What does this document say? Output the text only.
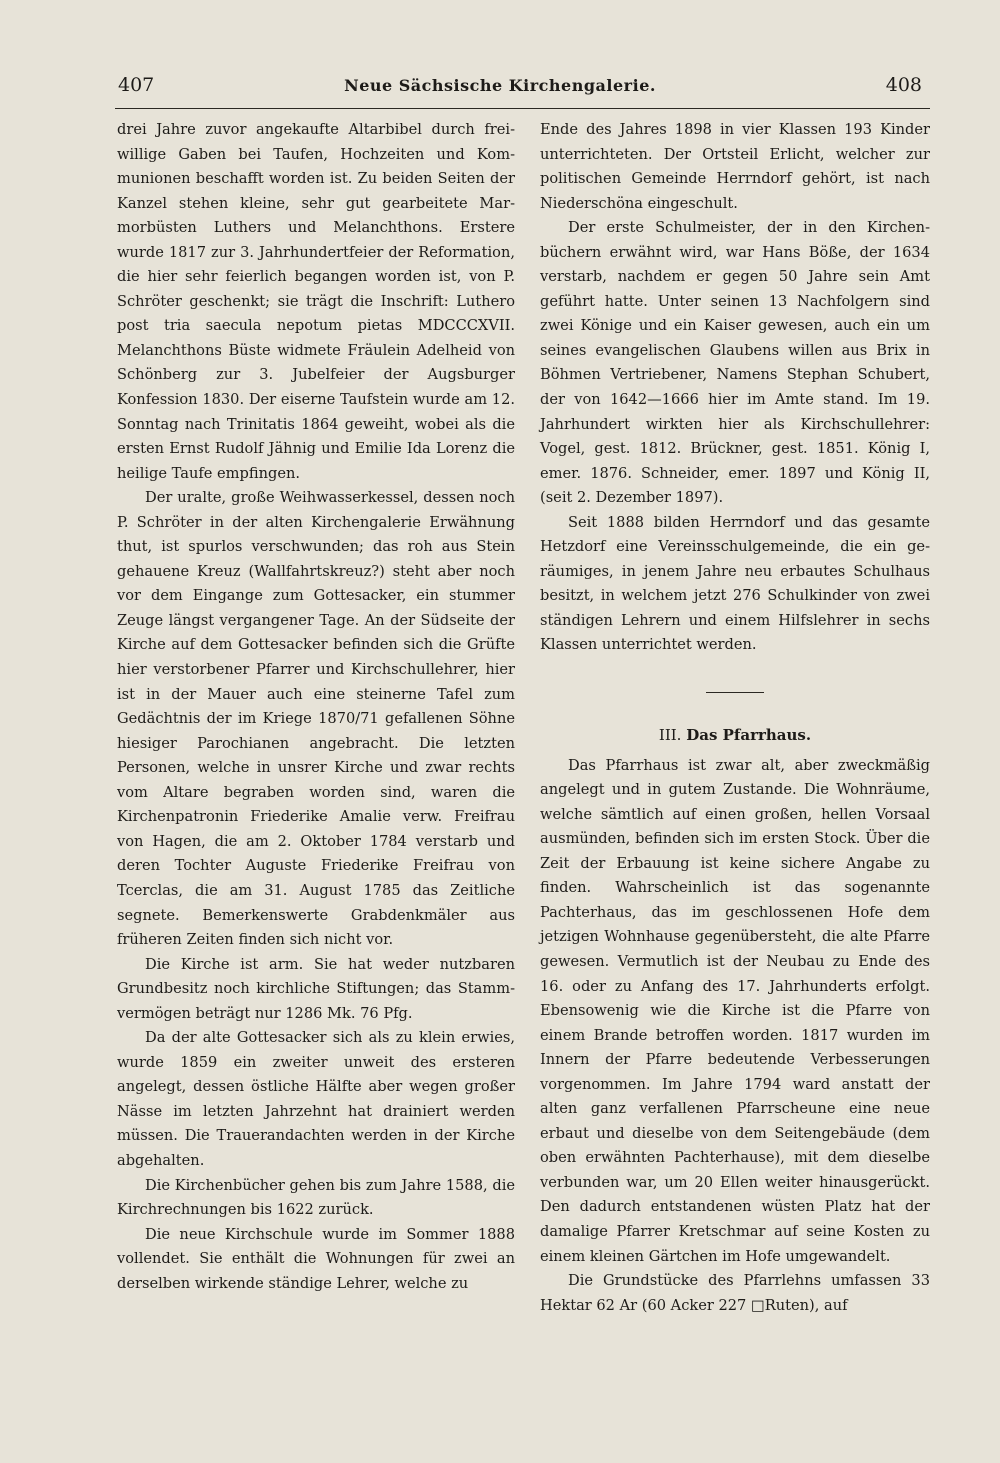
407	Neue Sächsische Kirchengalerie.	408

drei Jahre zuvor angekaufte Altarbibel durch freiwillige Gaben bei Taufen, Hochzeiten und Kommunionen beschafft worden ist. Zu beiden Seiten der Kanzel stehen kleine, sehr gut gearbeitete Marmorbüsten Luthers und Melanchthons. Erstere wurde 1817 zur 3. Jahrhundertfeier der Reformation, die hier sehr feierlich begangen worden ist, von P. Schröter geschenkt; sie trägt die Inschrift: Luthero post tria saecula nepotum pietas MDCCCXVII. Melanchthons Büste widmete Fräulein Adelheid von Schönberg zur 3. Jubelfeier der Augsburger Konfession 1830. Der eiserne Taufstein wurde am 12. Sonntag nach Trinitatis 1864 geweiht, wobei als die ersten Ernst Rudolf Jähnig und Emilie Ida Lorenz die heilige Taufe empfingen.

Der uralte, große Weihwasserkessel, dessen noch P. Schröter in der alten Kirchengalerie Erwähnung thut, ist spurlos verschwunden; das roh aus Stein gehauene Kreuz (Wallfahrtskreuz?) steht aber noch vor dem Eingange zum Gottesacker, ein stummer Zeuge längst vergangener Tage. An der Südseite der Kirche auf dem Gottesacker befinden sich die Grüfte hier verstorbener Pfarrer und Kirchschullehrer, hier ist in der Mauer auch eine steinerne Tafel zum Gedächtnis der im Kriege 1870/71 gefallenen Söhne hiesiger Parochianen angebracht. Die letzten Personen, welche in unsrer Kirche und zwar rechts vom Altare begraben worden sind, waren die Kirchenpatronin Friederike Amalie verw. Freifrau von Hagen, die am 2. Oktober 1784 verstarb und deren Tochter Auguste Friederike Freifrau von Tcerclas, die am 31. August 1785 das Zeitliche segnete. Bemerkenswerte Grabdenkmäler aus früheren Zeiten finden sich nicht vor.

Die Kirche ist arm. Sie hat weder nutzbaren Grundbesitz noch kirchliche Stiftungen; das Stammvermögen beträgt nur 1286 Mk. 76 Pfg.

Da der alte Gottesacker sich als zu klein erwies, wurde 1859 ein zweiter unweit des ersteren angelegt, dessen östliche Hälfte aber wegen großer Nässe im letzten Jahrzehnt hat drainiert werden müssen. Die Trauerandachten werden in der Kirche abgehalten.

Die Kirchenbücher gehen bis zum Jahre 1588, die Kirchrechnungen bis 1622 zurück.

Die neue Kirchschule wurde im Sommer 1888 vollendet. Sie enthält die Wohnungen für zwei an derselben wirkende ständige Lehrer, welche zu

Ende des Jahres 1898 in vier Klassen 193 Kinder unterrichteten. Der Ortsteil Erlicht, welcher zur politischen Gemeinde Herrndorf gehört, ist nach Niederschöna eingeschult.

Der erste Schulmeister, der in den Kirchenbüchern erwähnt wird, war Hans Böße, der 1634 verstarb, nachdem er gegen 50 Jahre sein Amt geführt hatte. Unter seinen 13 Nachfolgern sind zwei Könige und ein Kaiser gewesen, auch ein um seines evangelischen Glaubens willen aus Brix in Böhmen Vertriebener, Namens Stephan Schubert, der von 1642—1666 hier im Amte stand. Im 19. Jahrhundert wirkten hier als Kirchschullehrer: Vogel, gest. 1812. Brückner, gest. 1851. König I, emer. 1876. Schneider, emer. 1897 und König II, (seit 2. Dezember 1897).

Seit 1888 bilden Herrndorf und das gesamte Hetzdorf eine Vereinsschulgemeinde, die ein geräumiges, in jenem Jahre neu erbautes Schulhaus besitzt, in welchem jetzt 276 Schulkinder von zwei ständigen Lehrern und einem Hilfslehrer in sechs Klassen unterrichtet werden.

III. Das Pfarrhaus.

Das Pfarrhaus ist zwar alt, aber zweckmäßig angelegt und in gutem Zustande. Die Wohnräume, welche sämtlich auf einen großen, hellen Vorsaal ausmünden, befinden sich im ersten Stock. Über die Zeit der Erbauung ist keine sichere Angabe zu finden. Wahrscheinlich ist das sogenannte Pachterhaus, das im geschlossenen Hofe dem jetzigen Wohnhause gegenübersteht, die alte Pfarre gewesen. Vermutlich ist der Neubau zu Ende des 16. oder zu Anfang des 17. Jahrhunderts erfolgt. Ebensowenig wie die Kirche ist die Pfarre von einem Brande betroffen worden. 1817 wurden im Innern der Pfarre bedeutende Verbesserungen vorgenommen. Im Jahre 1794 ward anstatt der alten ganz verfallenen Pfarrscheune eine neue erbaut und dieselbe von dem Seitengebäude (dem oben erwähnten Pachterhause), mit dem dieselbe verbunden war, um 20 Ellen weiter hinausgerückt. Den dadurch entstandenen wüsten Platz hat der damalige Pfarrer Kretschmar auf seine Kosten zu einem kleinen Gärtchen im Hofe umgewandelt.

Die Grundstücke des Pfarrlehns umfassen 33 Hektar 62 Ar (60 Acker 227 □Ruten), auf
